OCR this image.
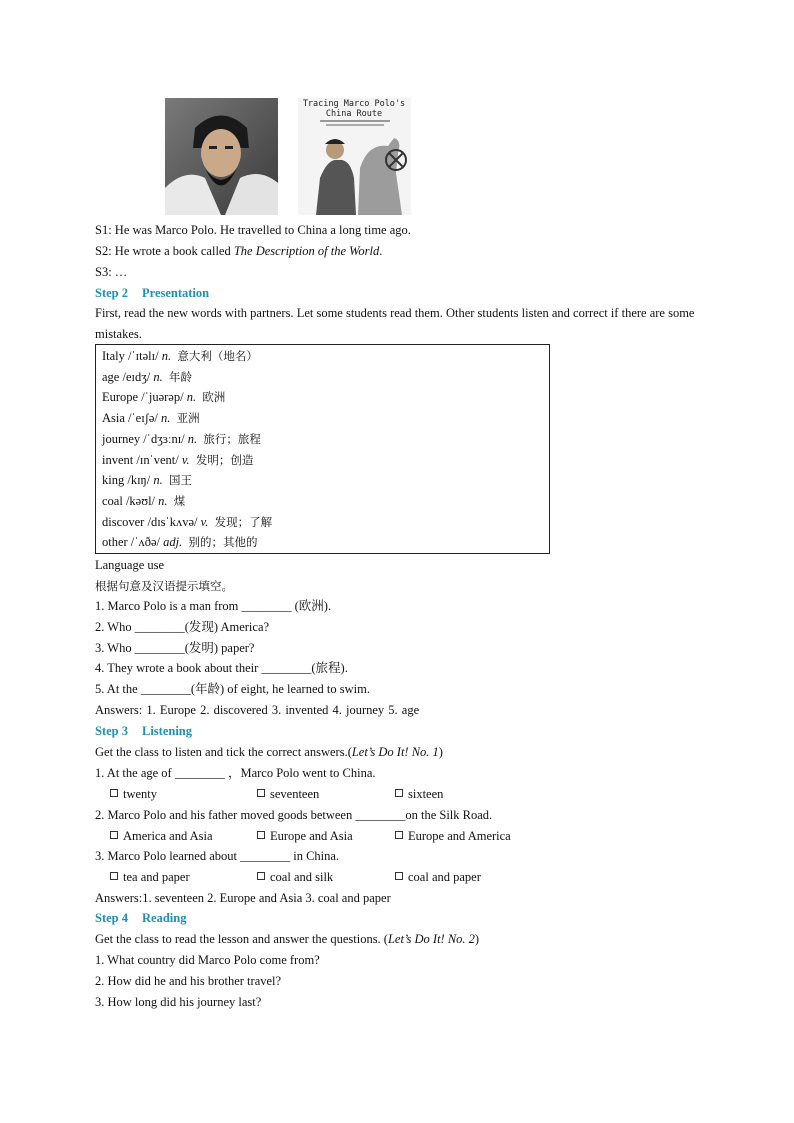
Tracing Marco Polo's
China Route
S1: He was Marco Polo. He travelled to China a long time ago.
S2: He wrote a book called The Description of the World.
S3: …
Step 2 Presentation
First, read the new words with partners. Let some students read them. Other students listen and correct if there are some mistakes.
Italy /ˈɪtəlɪ/ n. 意大利（地名）
age /eɪdʒ/ n. 年龄
Europe /ˈjuərəp/ n. 欧洲
Asia /ˈeɪʃə/ n. 亚洲
journey /ˈdʒɜːnɪ/ n. 旅行；旅程
invent /ɪnˈvent/ v. 发明；创造
king /kɪŋ/ n. 国王
coal /kəʊl/ n. 煤
discover /dɪsˈkʌvə/ v. 发现；了解
other /ˈʌðə/ adj. 别的；其他的
Language use
根据句意及汉语提示填空。
1. Marco Polo is a man from ________ (欧洲).
2. Who ________(发现) America?
3. Who ________(发明) paper?
4. They wrote a book about their ________(旅程).
5. At the ________(年龄) of eight, he learned to swim.
Answers: 1. Europe 2. discovered 3. invented 4. journey 5. age
Step 3 Listening
Get the class to listen and tick the correct answers.(Let’s Do It! No. 1)
1. At the age of ________ ，Marco Polo went to China.
twenty	seventeen	sixteen
2. Marco Polo and his father moved goods between ________on the Silk Road.
America and Asia	Europe and Asia	Europe and America
3. Marco Polo learned about ________ in China.
tea and paper	coal and silk	coal and paper
Answers:1. seventeen 2. Europe and Asia 3. coal and paper
Step 4 Reading
Get the class to read the lesson and answer the questions. (Let’s Do It! No. 2)
1. What country did Marco Polo come from?
2. How did he and his brother travel?
3. How long did his journey last?
